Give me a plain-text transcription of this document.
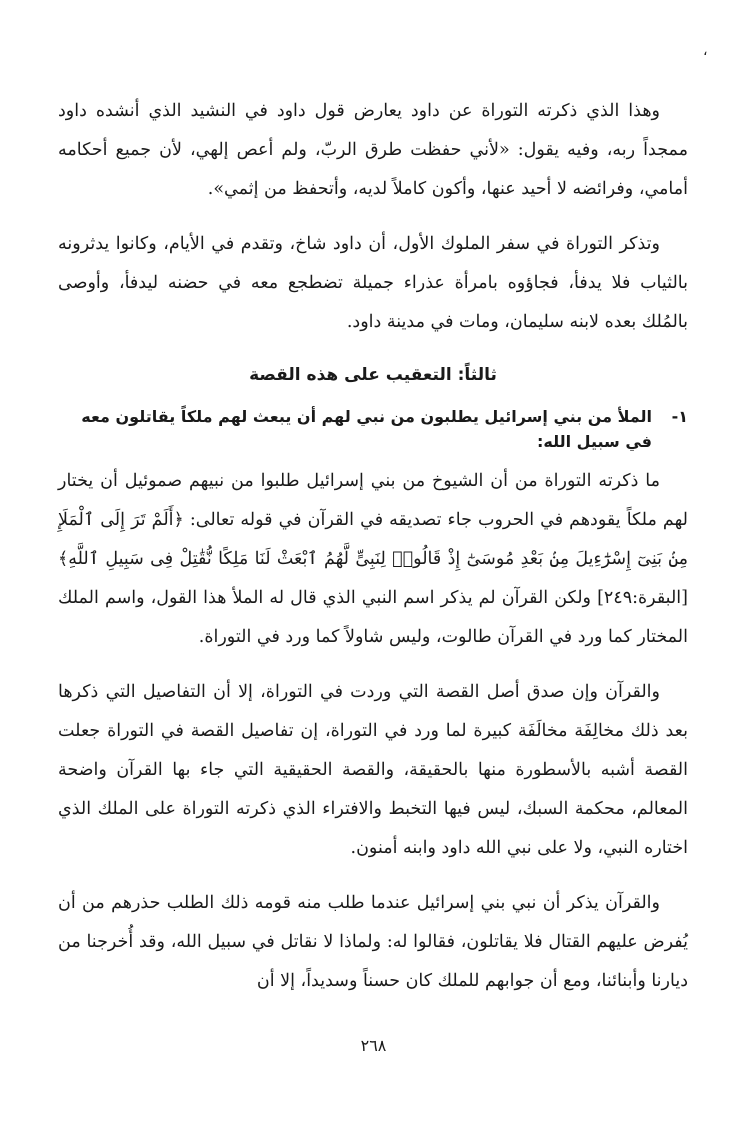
،

وهذا الذي ذكرته التوراة عن داود يعارض قول داود في النشيد الذي أنشده داود ممجداً ربه، وفيه يقول: «لأني حفظت طرق الربّ، ولم أعص إلهي، لأن جميع أحكامه أمامي، وفرائضه لا أحيد عنها، وأكون كاملاً لديه، وأتحفظ من إثمي».

وتذكر التوراة في سفر الملوك الأول، أن داود شاخ، وتقدم في الأيام، وكانوا يدثرونه بالثياب فلا يدفأ، فجاؤوه بامرأة عذراء جميلة تضطجع معه في حضنه ليدفأ، وأوصى بالمُلك بعده لابنه سليمان، ومات في مدينة داود.

ثالثاً: التعقيب على هذه القصة
١-
الملأ من بني إسرائيل يطلبون من نبي لهم أن يبعث لهم ملكاً يقاتلون معه في سبيل الله:

ما ذكرته التوراة من أن الشيوخ من بني إسرائيل طلبوا من نبيهم صموئيل أن يختار لهم ملكاً يقودهم في الحروب جاء تصديقه في القرآن في قوله تعالى: ﴿أَلَمْ تَرَ إِلَى ٱلْمَلَإِ مِنۢ بَنِىٓ إِسْرَٰٓءِيلَ مِنۢ بَعْدِ مُوسَىٰٓ إِذْ قَالُوا۟ لِنَبِىٍّ لَّهُمُ ٱبْعَثْ لَنَا مَلِكًا نُّقَٰتِلْ فِى سَبِيلِ ٱللَّهِ﴾ [البقرة:٢٤٩] ولكن القرآن لم يذكر اسم النبي الذي قال له الملأ هذا القول، واسم الملك المختار كما ورد في القرآن طالوت، وليس شاولاً كما ورد في التوراة.

والقرآن وإن صدق أصل القصة التي وردت في التوراة، إلا أن التفاصيل التي ذكرها بعد ذلك مخالِفَة مخالَفَة كبيرة لما ورد في التوراة، إن تفاصيل القصة في التوراة جعلت القصة أشبه بالأسطورة منها بالحقيقة، والقصة الحقيقية التي جاء بها القرآن واضحة المعالم، محكمة السبك، ليس فيها التخبط والافتراء الذي ذكرته التوراة على الملك الذي اختاره النبي، ولا على نبي الله داود وابنه أمنون.

والقرآن يذكر أن نبي بني إسرائيل عندما طلب منه قومه ذلك الطلب حذرهم من أن يُفرض عليهم القتال فلا يقاتلون، فقالوا له: ولماذا لا نقاتل في سبيل الله، وقد أُخرجنا من ديارنا وأبنائنا، ومع أن جوابهم للملك كان حسناً وسديداً، إلا أن

٢٦٨
